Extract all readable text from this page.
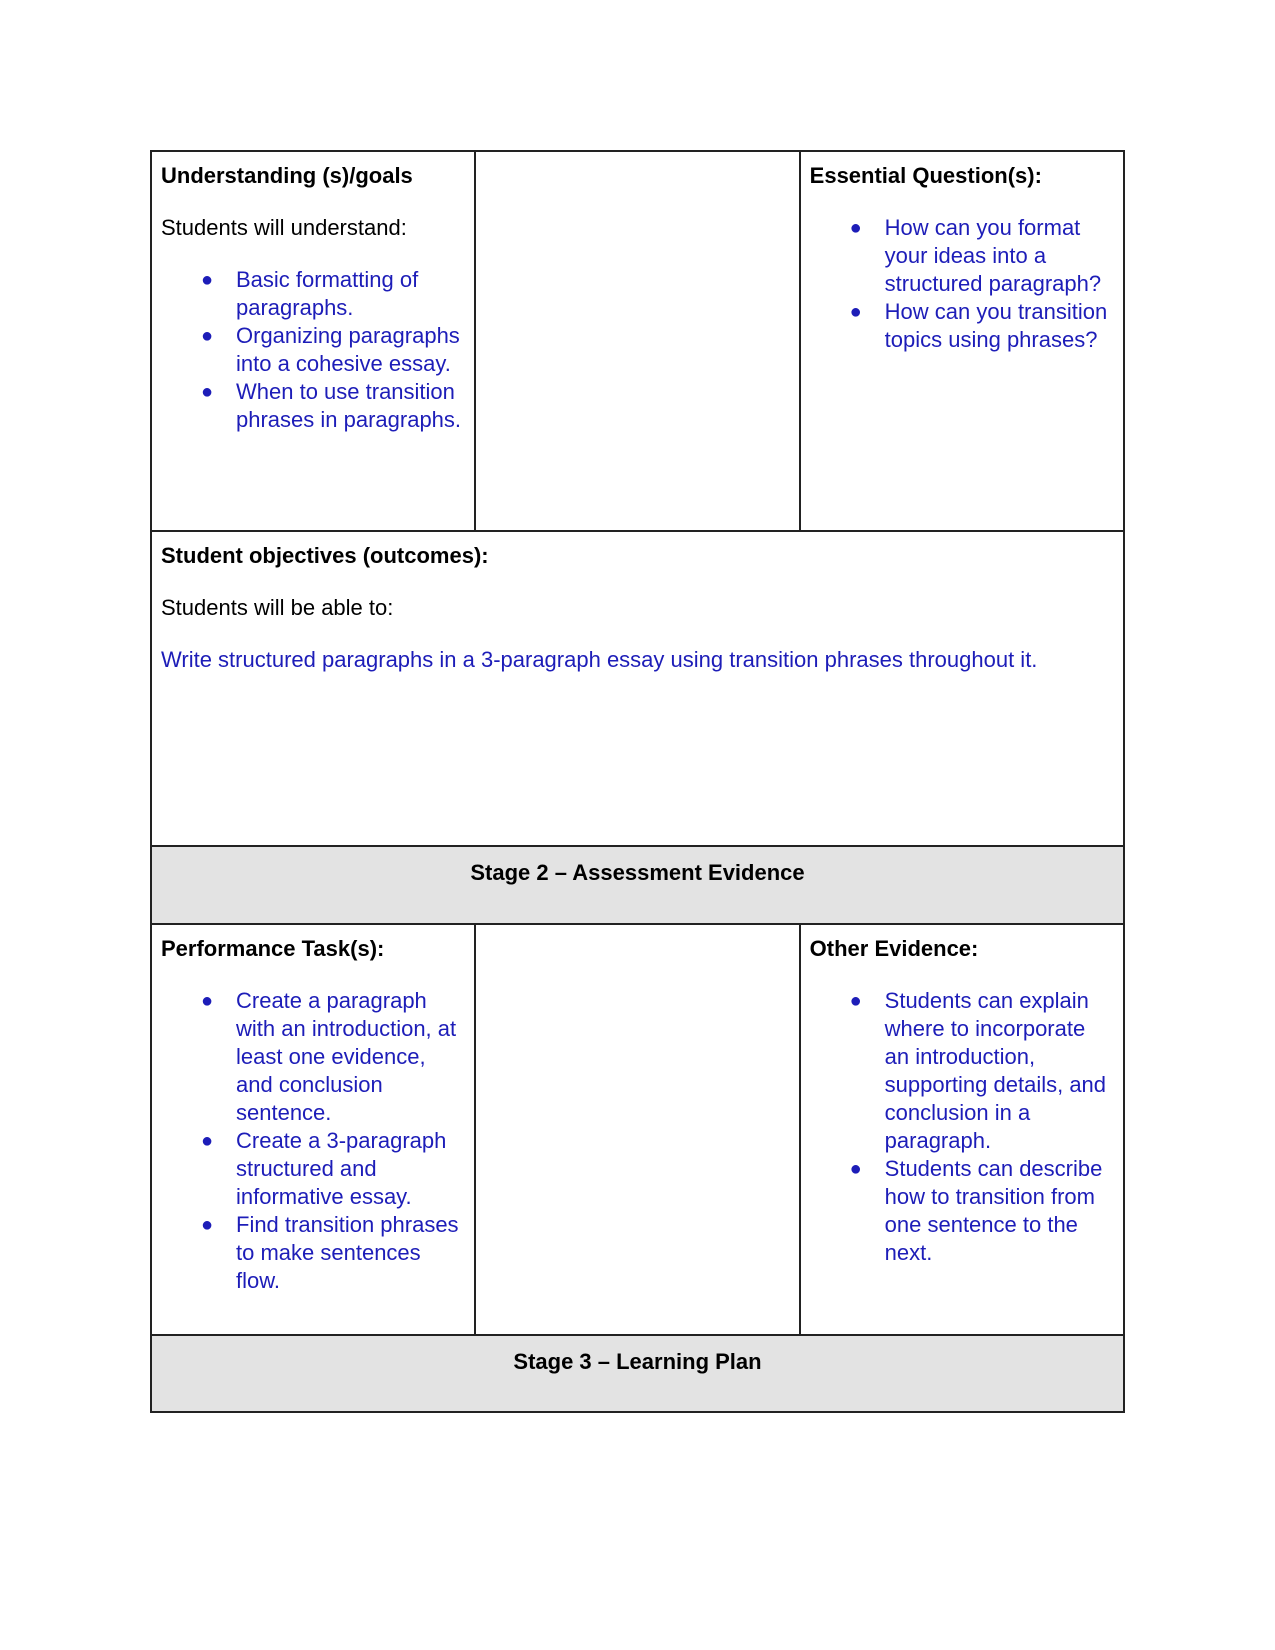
Understanding (s)/goals
Students will understand:
● Basic formatting of paragraphs.
● Organizing paragraphs into a cohesive essay.
● When to use transition phrases in paragraphs.
Essential Question(s):
● How can you format your ideas into a structured paragraph?
● How can you transition topics using phrases?
Student objectives (outcomes):
Students will be able to:
Write structured paragraphs in a 3-paragraph essay using transition phrases throughout it.
Stage 2 – Assessment Evidence
Performance Task(s):
● Create a paragraph with an introduction, at least one evidence, and conclusion sentence.
● Create a 3-paragraph structured and informative essay.
● Find transition phrases to make sentences flow.
Other Evidence:
● Students can explain where to incorporate an introduction, supporting details, and conclusion in a paragraph.
● Students can describe how to transition from one sentence to the next.
Stage 3 – Learning Plan
